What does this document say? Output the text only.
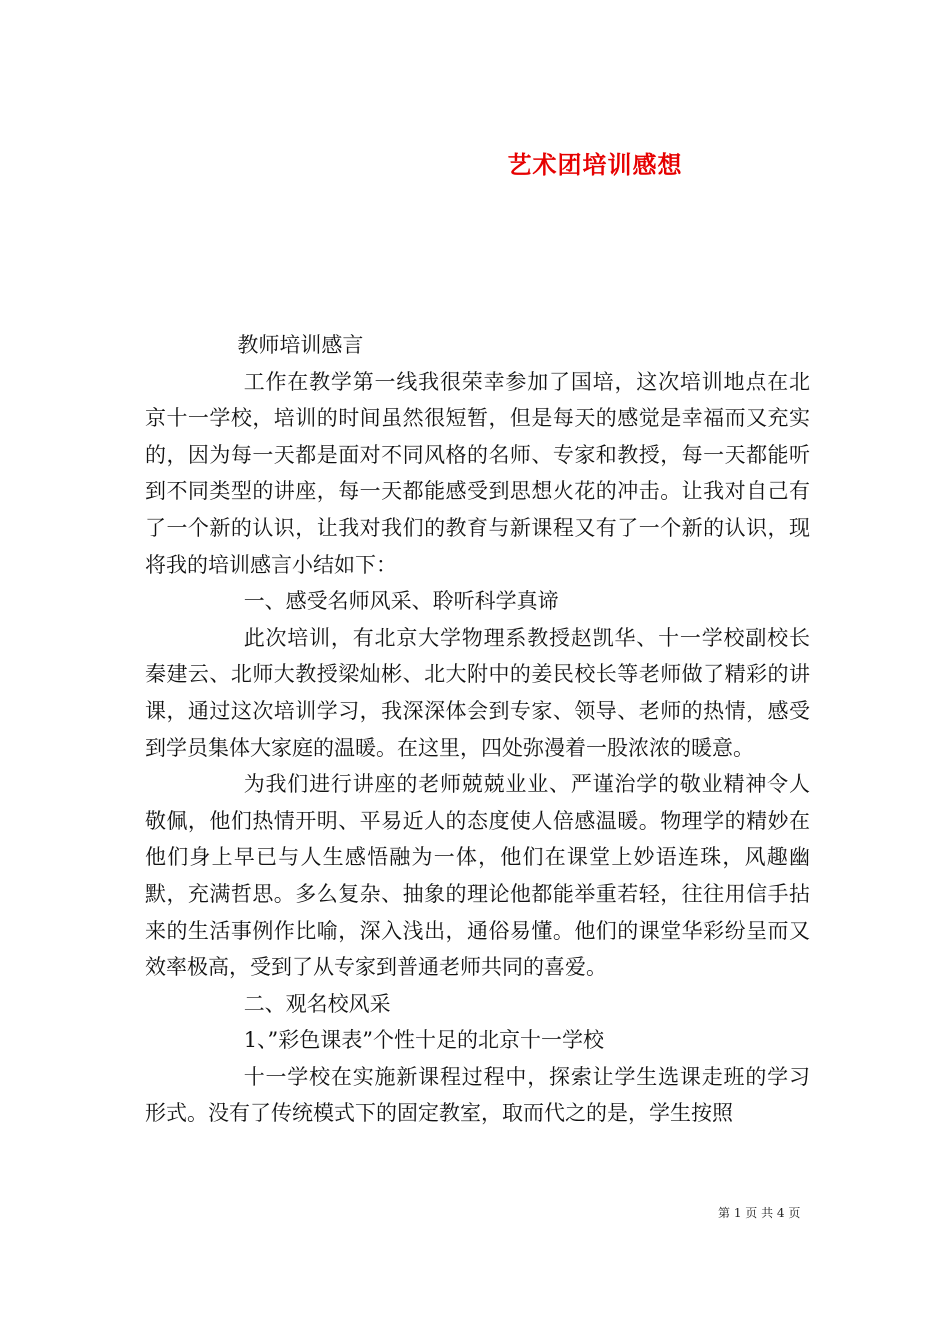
艺术团培训感想

教师培训感言

工作在教学第一线我很荣幸参加了国培，这次培训地点在北京十一学校，培训的时间虽然很短暂，但是每天的感觉是幸福而又充实的，因为每一天都是面对不同风格的名师、专家和教授，每一天都能听到不同类型的讲座，每一天都能感受到思想火花的冲击。让我对自己有了一个新的认识，让我对我们的教育与新课程又有了一个新的认识，现将我的培训感言小结如下：

一、感受名师风采、聆听科学真谛

此次培训，有北京大学物理系教授赵凯华、十一学校副校长秦建云、北师大教授梁灿彬、北大附中的姜民校长等老师做了精彩的讲课，通过这次培训学习，我深深体会到专家、领导、老师的热情，感受到学员集体大家庭的温暖。在这里，四处弥漫着一股浓浓的暖意。

为我们进行讲座的老师兢兢业业、严谨治学的敬业精神令人敬佩，他们热情开明、平易近人的态度使人倍感温暖。物理学的精妙在他们身上早已与人生感悟融为一体，他们在课堂上妙语连珠，风趣幽默，充满哲思。多么复杂、抽象的理论他都能举重若轻，往往用信手拈来的生活事例作比喻，深入浅出，通俗易懂。他们的课堂华彩纷呈而又效率极高，受到了从专家到普通老师共同的喜爱。

二、观名校风采

1、”彩色课表”个性十足的北京十一学校

十一学校在实施新课程过程中，探索让学生选课走班的学习形式。没有了传统模式下的固定教室，取而代之的是，学生按照

第 1 页 共 4 页
